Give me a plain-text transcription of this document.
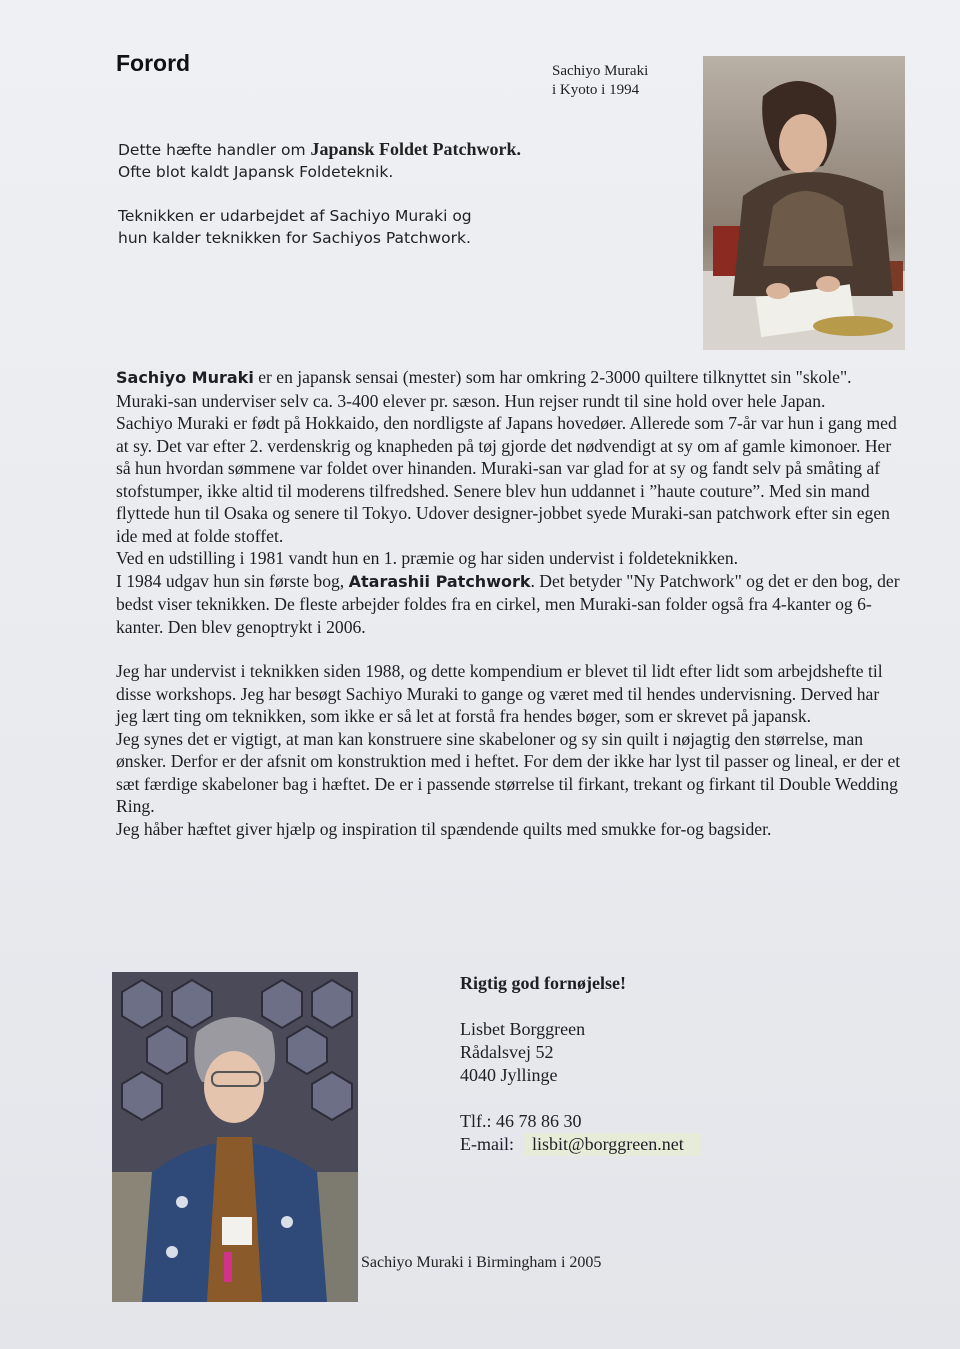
Forord	Sachiyo Muraki
i Kyoto i 1994

Dette hæfte handler om Japansk Foldet Patchwork.
Ofte blot kaldt Japansk Foldeteknik.

Teknikken er udarbejdet af Sachiyo Muraki og
hun kalder teknikken for Sachiyos Patchwork.

Sachiyo Muraki er en japansk sensai (mester) som har omkring 2-3000 quiltere tilknyttet sin "skole". Muraki-san underviser selv ca. 3-400 elever pr. sæson. Hun rejser rundt til sine hold over hele Japan.

Sachiyo Muraki er født på Hokkaido, den nordligste af Japans hovedøer. Allerede som 7-år var hun i gang med at sy. Det var efter 2. verdenskrig og knapheden på tøj gjorde det nødvendigt at sy om af gamle kimonoer. Her så hun hvordan sømmene var foldet over hinanden. Muraki-san var glad for at sy og fandt selv på småting af stofstumper, ikke altid til moderens tilfredshed. Senere blev hun uddannet i ”haute couture”. Med sin mand flyttede hun til Osaka og senere til Tokyo. Udover designer-jobbet syede Muraki-san patchwork efter sin egen ide med at folde stoffet.

Ved en udstilling i 1981 vandt hun en 1. præmie og har siden undervist i foldeteknikken.

I 1984 udgav hun sin første bog, Atarashii Patchwork. Det betyder "Ny Patchwork" og det er den bog, der bedst viser teknikken. De fleste arbejder foldes fra en cirkel, men Muraki-san folder også fra 4-kanter og 6-kanter. Den blev genoptrykt i 2006.

Jeg har undervist i teknikken siden 1988, og dette kompendium er blevet til lidt efter lidt som arbejdshefte til disse workshops. Jeg har besøgt Sachiyo Muraki to gange og været med til hendes undervisning. Derved har jeg lært ting om teknikken, som ikke er så let at forstå fra hendes bøger, som er skrevet på japansk.

Jeg synes det er vigtigt, at man kan konstruere sine skabeloner og sy sin quilt i nøjagtig den størrelse, man ønsker. Derfor er der afsnit om konstruktion med i heftet. For dem der ikke har lyst til passer og lineal, er der et sæt færdige skabeloner bag i hæftet. De er i passende størrelse til firkant, trekant og firkant til Double Wedding Ring.

Jeg håber hæftet giver hjælp og inspiration til spændende quilts med smukke for-og bagsider.

Rigtig god fornøjelse!
Lisbet Borggreen
Rådalsvej 52
4040 Jyllinge
Tlf.: 46 78 86 30
E-mail:	lisbit@borggreen.net
Sachiyo Muraki i Birmingham i 2005
